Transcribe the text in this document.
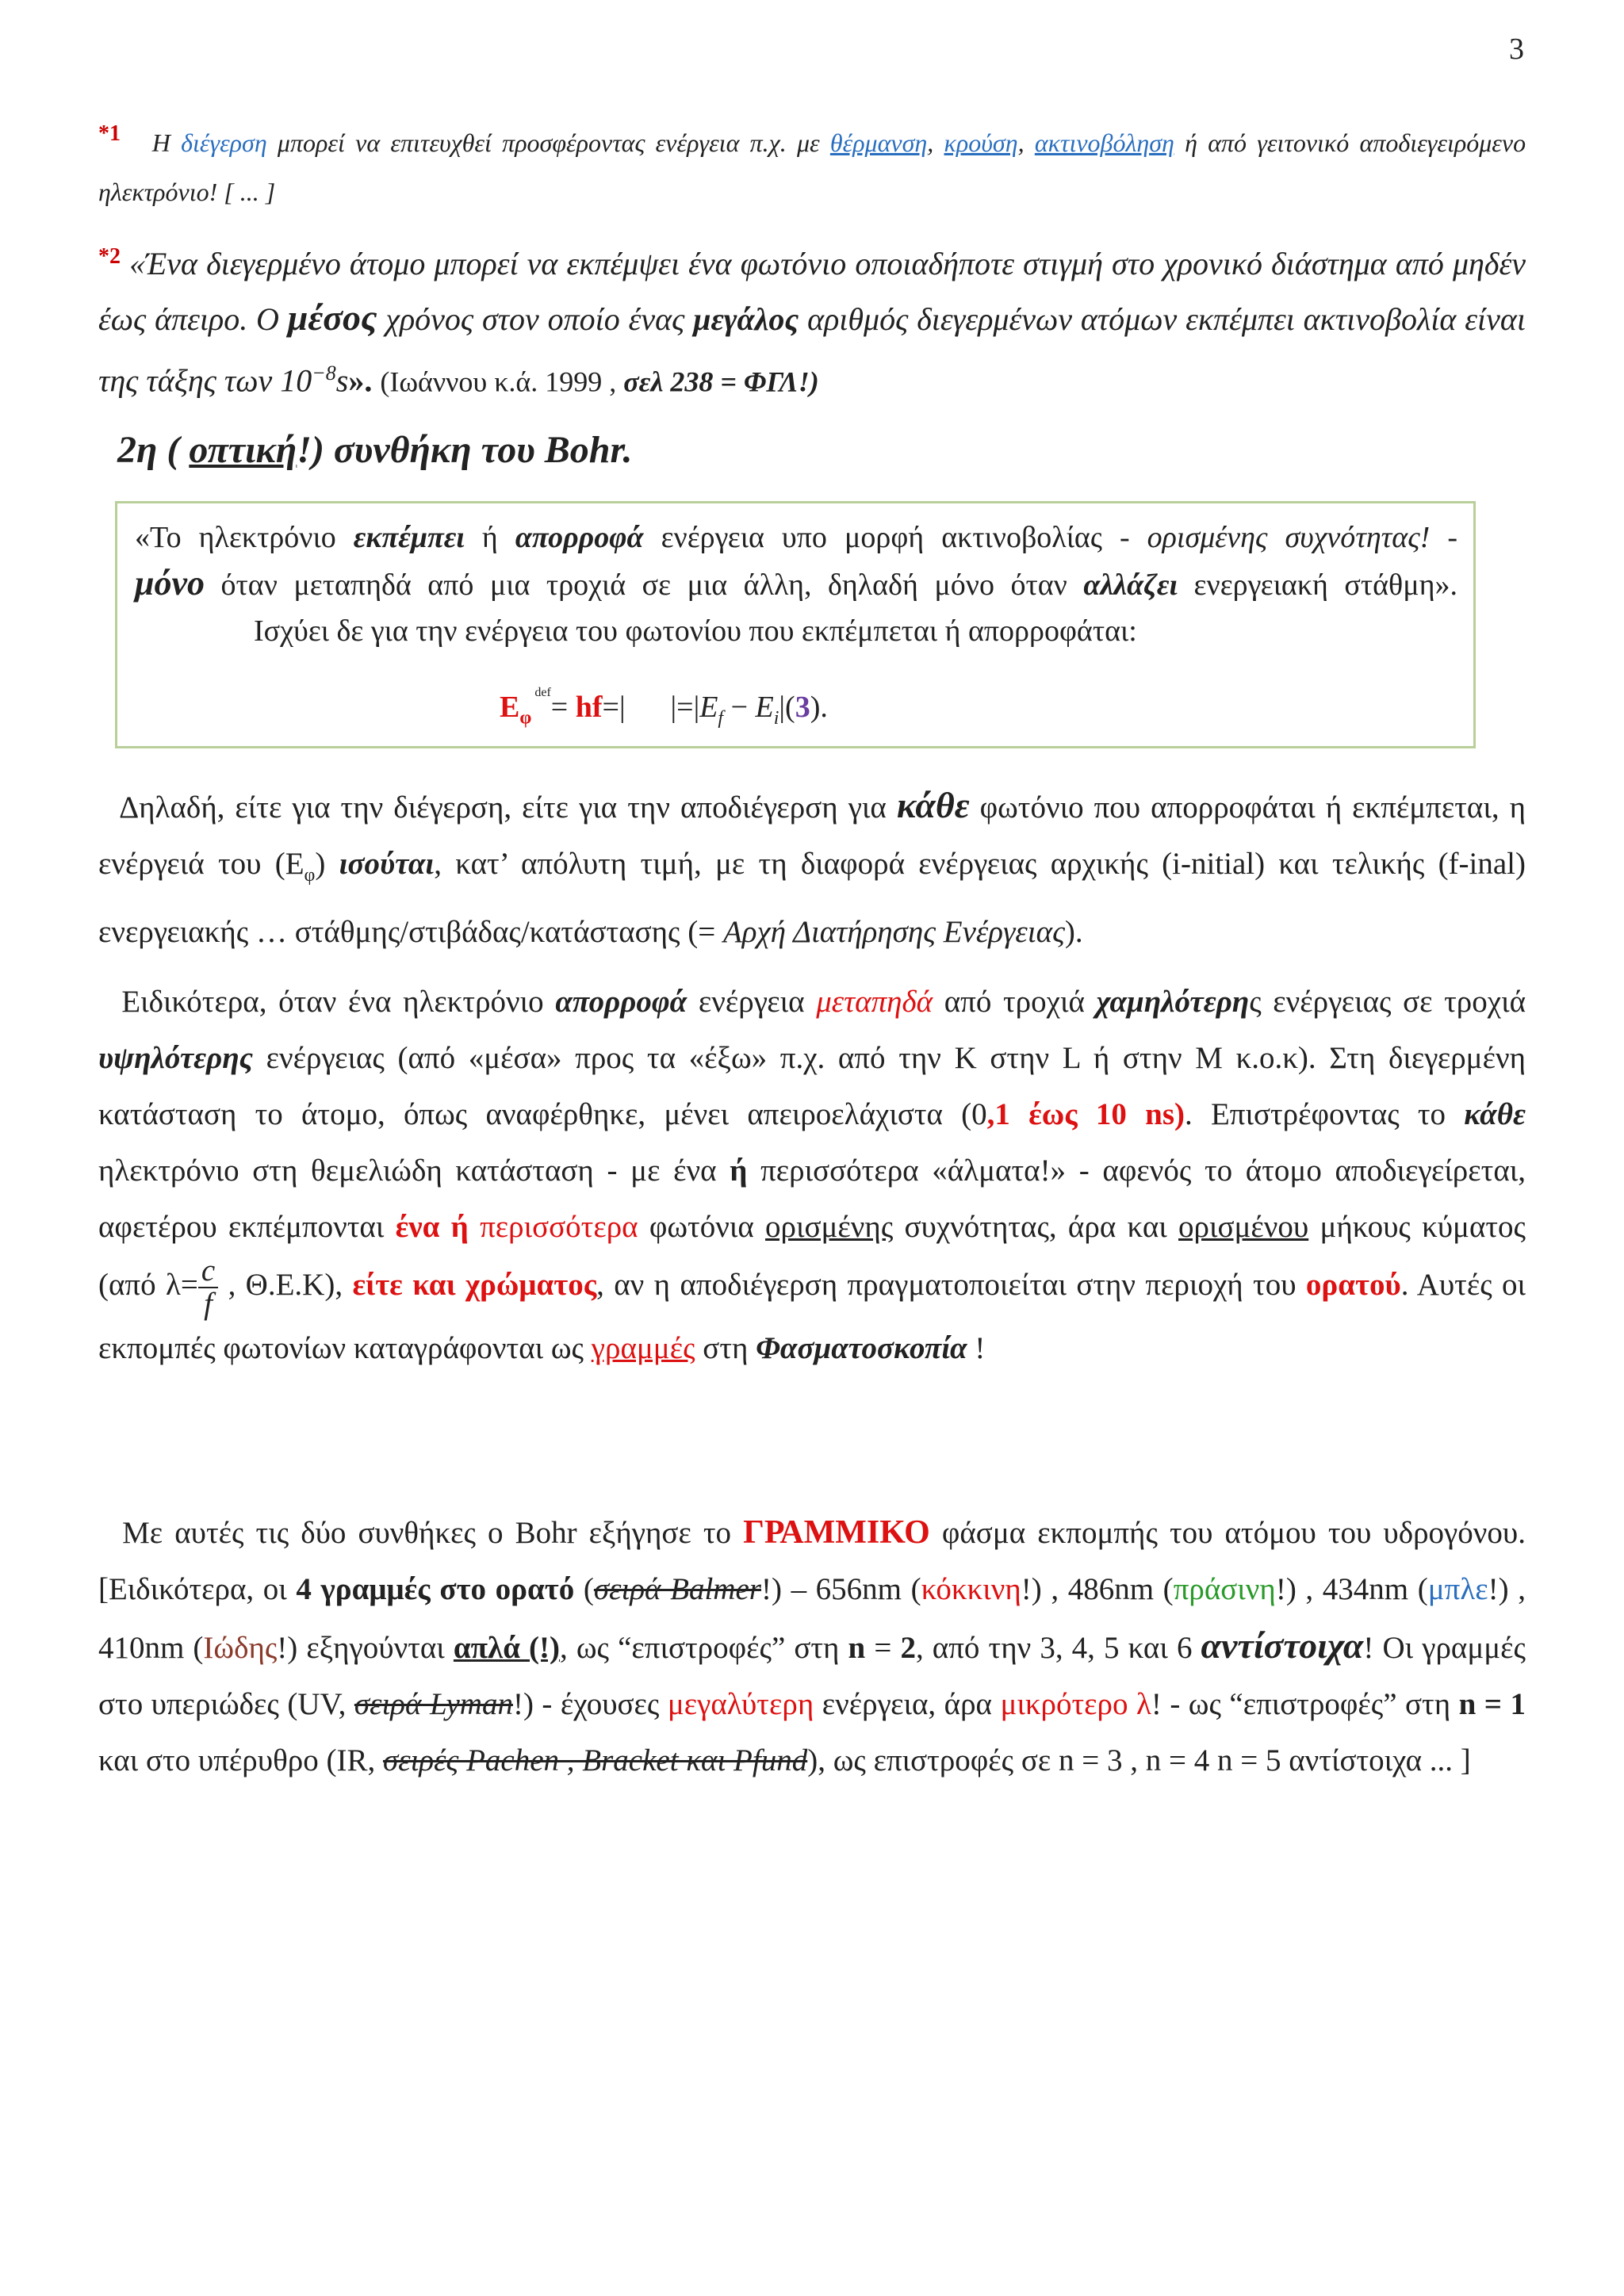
3
*1 Η διέγερση μπορεί να επιτευχθεί προσφέροντας ενέργεια π.χ. με θέρμανση, κρούση, ακτινοβόληση ή από γειτονικό αποδιεγειρόμενο ηλεκτρόνιο! [ ... ]
$^{*2}$ «Ένα διεγερμένο άτομο μπορεί να εκπέμψει ένα φωτόνιο οποιαδήποτε στιγμή στο χρονικό διάστημα από μηδέν έως άπειρο. Ο μέσος χρόνος στον οποίο ένας μεγάλος αριθμός διεγερμένων ατόμων εκπέμπει ακτινοβολία είναι της τάξης των $10^{-8}s$». (Ιωάννου κ.ά. 1999 , σελ 238 = ΦΓΛ!)
2η ( οπτική!) συνθήκη του Bohr.

«Το ηλεκτρόνιο εκπέμπει ή απορροφά ενέργεια υπο μορφή ακτινοβολίας - ορισμένης συχνότητας! -

μόνο όταν μεταπηδά από μια τροχιά σε μια άλλη, δηλαδή μόνο όταν αλλάζει ενεργειακή στάθμη».

Ισχύει δε για την ενέργεια του φωτονίου που εκπέμπεται ή απορροφάται:

$E_\varphi^{def}= hf=|$      $|=|E_f - E_i|(3)$.
Δηλαδή, είτε για την διέγερση, είτε για την αποδιέγερση για κάθε φωτόνιο που απορροφάται ή εκπέμπεται, η ενέργειά του $(E_\varphi)$ ισούται, κατ’ απόλυτη τιμή, με τη διαφορά ενέργειας αρχικής (i-nitial) και τελικής (f-inal) ενεργειακής … στάθμης/στιβάδας/κατάστασης (= Αρχή Διατήρησης Ενέργειας).
Ειδικότερα, όταν ένα ηλεκτρόνιο απορροφά ενέργεια μεταπηδά από τροχιά χαμηλότερης ενέργειας σε τροχιά υψηλότερης ενέργειας (από «μέσα» προς τα «έξω» π.χ. από την K στην L ή στην M κ.ο.κ). Στη διεγερμένη κατάσταση το άτομο, όπως αναφέρθηκε, μένει απειροελάχιστα (0,1 έως 10 ns). Επιστρέφοντας το κάθε ηλεκτρόνιο στη θεμελιώδη κατάσταση - με ένα ή περισσότερα «άλματα!» - αφενός το άτομο αποδιεγείρεται, αφετέρου εκπέμπονται ένα ή περισσότερα φωτόνια ορισμένης συχνότητας, άρα και ορισμένου μήκους κύματος (από $\lambda= \frac{c}{f}$ , Θ.Ε.Κ), είτε και χρώματος, αν η αποδιέγερση πραγματοποιείται στην περιοχή του ορατού. Αυτές οι εκπομπές φωτονίων καταγράφονται ως γραμμές στη Φασματοσκοπία !
Με αυτές τις δύο συνθήκες ο Bohr εξήγησε το ΓΡΑΜΜΙΚΟ φάσμα εκπομπής του ατόμου του υδρογόνου. [Ειδικότερα, οι 4 γραμμές στο ορατό (σειρά Balmer!) – 656nm (κόκκινη!) , 486nm (πράσινη!) , 434nm (μπλε!) , 410nm (Ιώδης!) εξηγούνται απλά (!), ως “επιστροφές” στη n = 2, από την 3, 4, 5 και 6 αντίστοιχα! Οι γραμμές στο υπεριώδες (UV, σειρά Lyman!) - έχουσες μεγαλύτερη ενέργεια, άρα μικρότερο λ! - ως “επιστροφές” στη n = 1 και στο υπέρυθρο (IR, σειρές Pachen , Bracket και Pfund), ως επιστροφές σε n = 3 , n = 4 n = 5 αντίστοιχα ... ]
